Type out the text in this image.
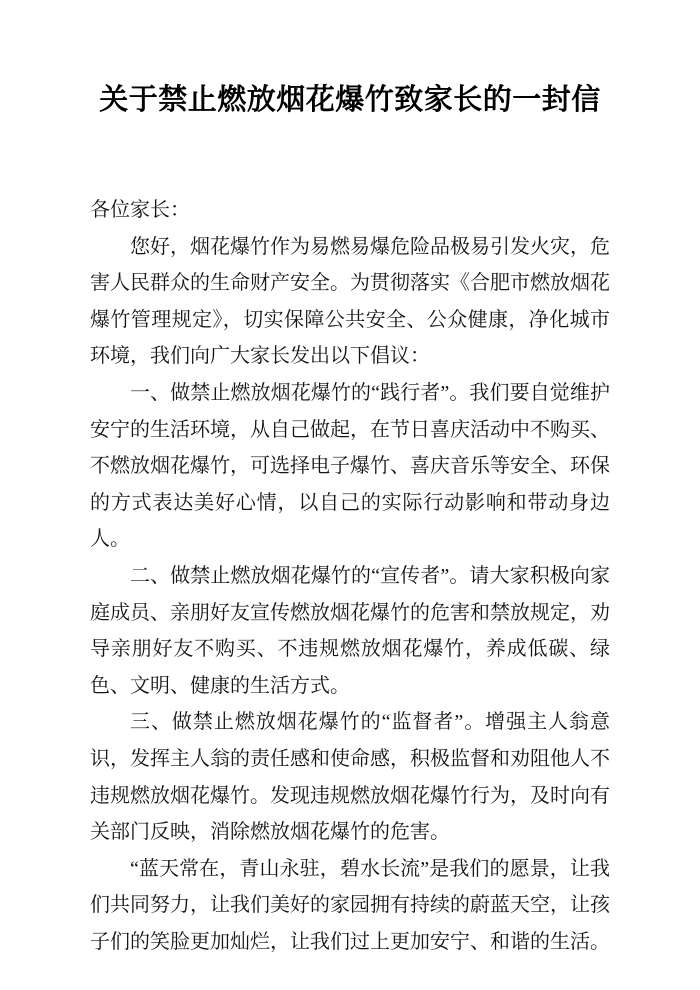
关于禁止燃放烟花爆竹致家长的一封信

各位家长：

您好，烟花爆竹作为易燃易爆危险品极易引发火灾，危害人民群众的生命财产安全。为贯彻落实《合肥市燃放烟花爆竹管理规定》，切实保障公共安全、公众健康，净化城市环境，我们向广大家长发出以下倡议：

一、做禁止燃放烟花爆竹的“践行者”。我们要自觉维护安宁的生活环境，从自己做起，在节日喜庆活动中不购买、不燃放烟花爆竹，可选择电子爆竹、喜庆音乐等安全、环保的方式表达美好心情，以自己的实际行动影响和带动身边人。

二、做禁止燃放烟花爆竹的“宣传者”。请大家积极向家庭成员、亲朋好友宣传燃放烟花爆竹的危害和禁放规定，劝导亲朋好友不购买、不违规燃放烟花爆竹，养成低碳、绿色、文明、健康的生活方式。

三、做禁止燃放烟花爆竹的“监督者”。增强主人翁意识，发挥主人翁的责任感和使命感，积极监督和劝阻他人不违规燃放烟花爆竹。发现违规燃放烟花爆竹行为，及时向有关部门反映，消除燃放烟花爆竹的危害。

“蓝天常在，青山永驻，碧水长流”是我们的愿景，让我们共同努力，让我们美好的家园拥有持续的蔚蓝天空，让孩子们的笑脸更加灿烂，让我们过上更加安宁、和谐的生活。
